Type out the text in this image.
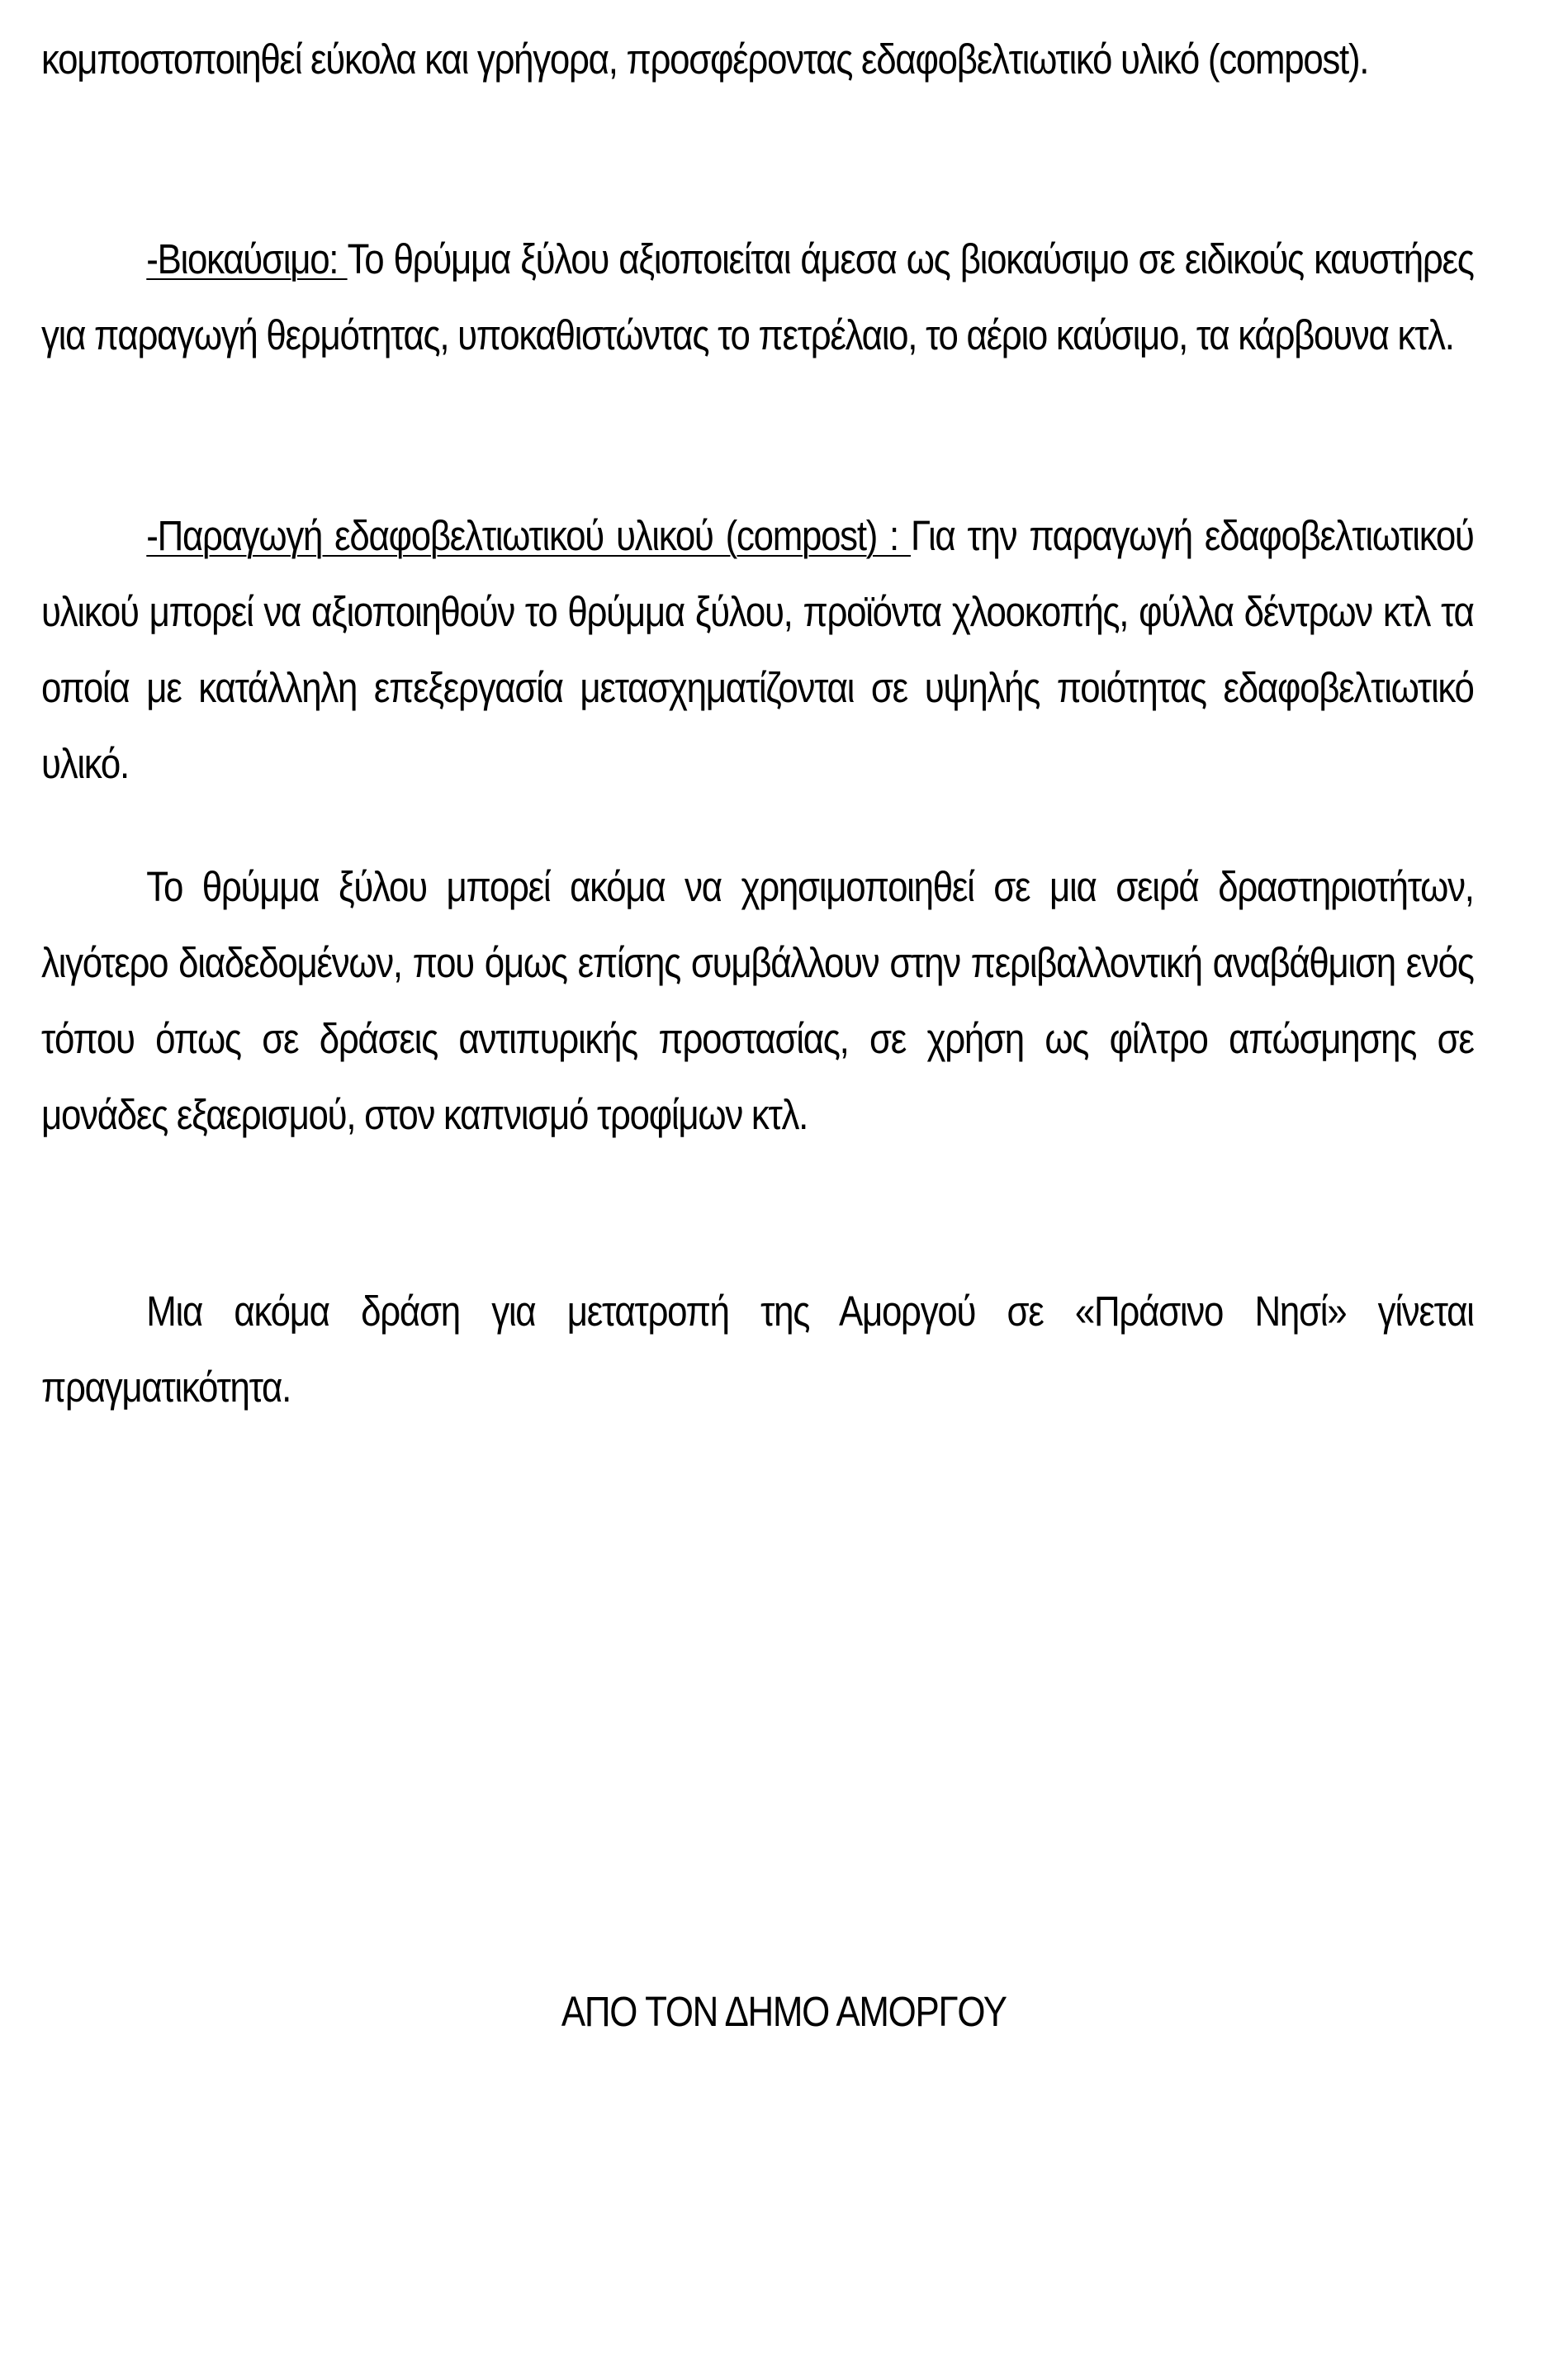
κομποστοποιηθεί εύκολα και γρήγορα, προσφέροντας εδαφοβελτιωτικό υλικό (compost).

-Βιοκαύσιμο: Το θρύμμα ξύλου αξιοποιείται άμεσα ως βιοκαύσιμο σε ειδικούς καυστήρες για παραγωγή θερμότητας, υποκαθιστώντας το πετρέλαιο, το αέριο καύσιμο, τα κάρβουνα κτλ.

-Παραγωγή εδαφοβελτιωτικού υλικού (compost) : Για την παραγωγή εδαφοβελτιωτικού υλικού μπορεί να αξιοποιηθούν το θρύμμα ξύλου, προϊόντα χλοοκοπής, φύλλα δέντρων κτλ τα οποία με κατάλληλη επεξεργασία μετασχηματίζονται σε υψηλής ποιότητας εδαφοβελτιωτικό υλικό.

Το θρύμμα ξύλου μπορεί ακόμα να χρησιμοποιηθεί σε μια σειρά δραστηριοτήτων, λιγότερο διαδεδομένων, που όμως επίσης συμβάλλουν στην περιβαλλοντική αναβάθμιση ενός τόπου όπως σε δράσεις αντιπυρικής προστασίας, σε χρήση ως φίλτρο απώσμησης σε μονάδες εξαερισμού, στον καπνισμό τροφίμων κτλ.

Μια ακόμα δράση για μετατροπή της Αμοργού σε «Πράσινο Νησί» γίνεται πραγματικότητα.

ΑΠΟ ΤΟΝ ΔΗΜΟ ΑΜΟΡΓΟΥ
